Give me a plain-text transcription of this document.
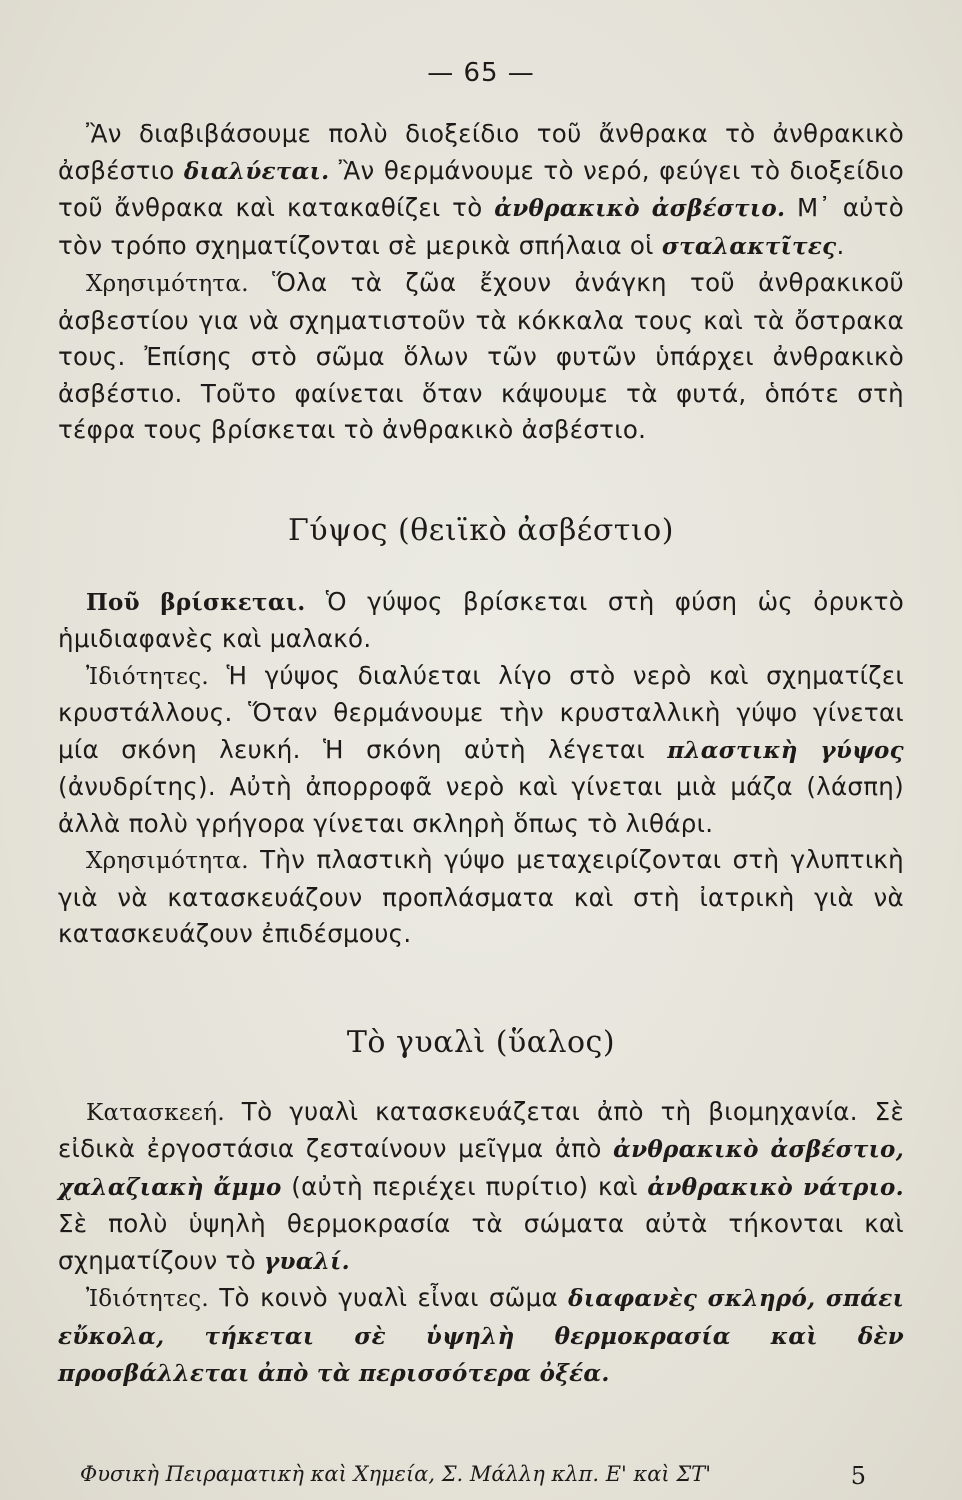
— 65 —

Ἂν διαβιβάσουμε πολὺ διοξείδιο τοῦ ἄνθρακα τὸ ἀνθρακικὸ ἀσβέστιο διαλύεται. Ἂν θερμάνουμε τὸ νερό, φεύγει τὸ διοξείδιο τοῦ ἄνθρακα καὶ κατακαθίζει τὸ ἀνθρακικὸ ἀσβέστιο. Μ᾽ αὐτὸ τὸν τρόπο σχηματίζονται σὲ μερικὰ σπήλαια οἱ σταλακτῖτες.

Χρησιμότητα. Ὅλα τὰ ζῶα ἔχουν ἀνάγκη τοῦ ἀνθρακικοῦ ἀσβεστίου για νὰ σχηματιστοῦν τὰ κόκκαλα τους καὶ τὰ ὄστρακα τους. Ἐπίσης στὸ σῶμα ὅλων τῶν φυτῶν ὑπάρχει ἀνθρακικὸ ἀσβέστιο. Τοῦτο φαίνεται ὅταν κάψουμε τὰ φυτά, ὁπότε στὴ τέφρα τους βρίσκεται τὸ ἀνθρακικὸ ἀσβέστιο.

Γύψος (θειϊκὸ ἀσβέστιο)

Ποῦ βρίσκεται. Ὁ γύψος βρίσκεται στὴ φύση ὡς ὀρυκτὸ ἡμιδιαφανὲς καὶ μαλακό.

Ἰδιότητες. Ἡ γύψος διαλύεται λίγο στὸ νερὸ καὶ σχηματίζει κρυστάλλους. Ὅταν θερμάνουμε τὴν κρυσταλλικὴ γύψο γίνεται μία σκόνη λευκή. Ἡ σκόνη αὐτὴ λέγεται πλαστικὴ γύψος (ἀνυδρίτης). Αὐτὴ ἀπορροφᾶ νερὸ καὶ γίνεται μιὰ μάζα (λάσπη) ἀλλὰ πολὺ γρήγορα γίνεται σκληρὴ ὅπως τὸ λιθάρι.

Χρησιμότητα. Τὴν πλαστικὴ γύψο μεταχειρίζονται στὴ γλυπτικὴ γιὰ νὰ κατασκευάζουν προπλάσματα καὶ στὴ ἰατρικὴ γιὰ νὰ κατασκευάζουν ἐπιδέσμους.

Τὸ γυαλὶ (ὕαλος)

Κατασκεεή. Τὸ γυαλὶ κατασκευάζεται ἀπὸ τὴ βιομηχανία. Σὲ εἰδικὰ ἐργοστάσια ζεσταίνουν μεῖγμα ἀπὸ ἀνθρακικὸ ἀσβέστιο, χαλαζιακὴ ἄμμο (αὐτὴ περιέχει πυρίτιο) καὶ ἀνθρακικὸ νάτριο. Σὲ πολὺ ὑψηλὴ θερμοκρασία τὰ σώματα αὐτὰ τήκονται καὶ σχηματίζουν τὸ γυαλί.

Ἰδιότητες. Τὸ κοινὸ γυαλὶ εἶναι σῶμα διαφανὲς σκληρό, σπάει εὔκολα, τήκεται σὲ ὑψηλὴ θερμοκρασία καὶ δὲν προσβάλλεται ἀπὸ τὰ περισσότερα ὀξέα.

Φυσικὴ Πειραματικὴ καὶ Χημεία, Σ. Μάλλη κλπ. Ε' καὶ ΣΤ'	5
